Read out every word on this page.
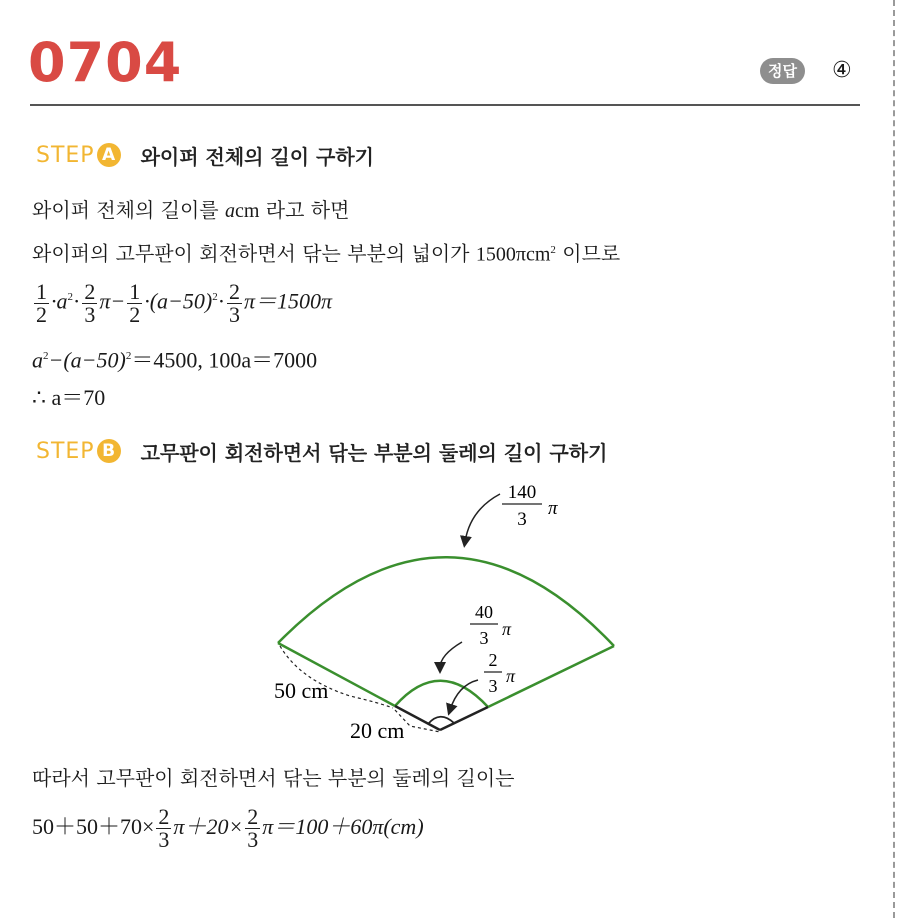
0704	정답	④
STEP A 와이퍼 전체의 길이 구하기
와이퍼 전체의 길이를 acm 라고 하면
와이퍼의 고무판이 회전하면서 닦는 부분의 넓이가 1500πcm$^2$ 이므로
$\frac{1}{2} \cdot a^2\cdot \frac{2}{3} \pi- \frac{1}{2} \cdot(a-50)^2\cdot \frac{2}{3} \pi=1500\pi$
$a^2-(a-50)^2=4500$, 100a＝7000
∴ a＝70
STEP B 고무판이 회전하면서 닦는 부분의 둘레의 길이 구하기
140
3
π
40
3 π
2
3 π
50 cm
20 cm
따라서 고무판이 회전하면서 닦는 부분의 둘레의 길이는
$50+50+70\times \frac{2}{3} \pi+20\times \frac{2}{3} \pi=100+60\pi(cm)$
